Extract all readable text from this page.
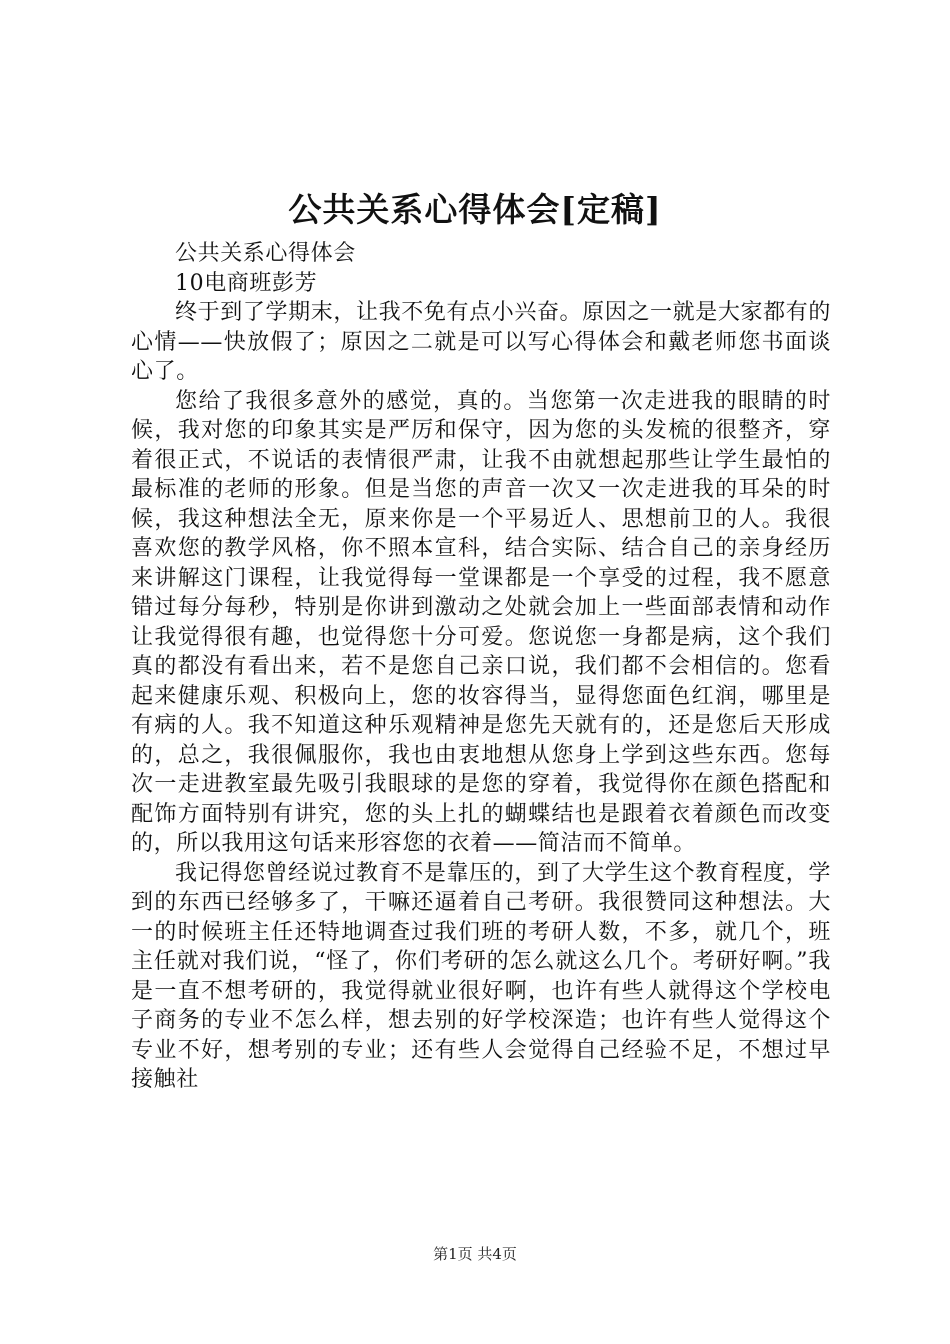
公共关系心得体会[定稿]

公共关系心得体会

10电商班彭芳

终于到了学期末，让我不免有点小兴奋。原因之一就是大家都有的心情——快放假了；原因之二就是可以写心得体会和戴老师您书面谈心了。

您给了我很多意外的感觉，真的。当您第一次走进我的眼睛的时候，我对您的印象其实是严厉和保守，因为您的头发梳的很整齐，穿着很正式，不说话的表情很严肃，让我不由就想起那些让学生最怕的最标准的老师的形象。但是当您的声音一次又一次走进我的耳朵的时候，我这种想法全无，原来你是一个平易近人、思想前卫的人。我很喜欢您的教学风格，你不照本宣科，结合实际、结合自己的亲身经历来讲解这门课程，让我觉得每一堂课都是一个享受的过程，我不愿意错过每分每秒，特别是你讲到激动之处就会加上一些面部表情和动作让我觉得很有趣，也觉得您十分可爱。您说您一身都是病，这个我们真的都没有看出来，若不是您自己亲口说，我们都不会相信的。您看起来健康乐观、积极向上，您的妆容得当，显得您面色红润，哪里是有病的人。我不知道这种乐观精神是您先天就有的，还是您后天形成的，总之，我很佩服你，我也由衷地想从您身上学到这些东西。您每次一走进教室最先吸引我眼球的是您的穿着，我觉得你在颜色搭配和配饰方面特别有讲究，您的头上扎的蝴蝶结也是跟着衣着颜色而改变的，所以我用这句话来形容您的衣着——简洁而不简单。

我记得您曾经说过教育不是靠压的，到了大学生这个教育程度，学到的东西已经够多了，干嘛还逼着自己考研。我很赞同这种想法。大一的时候班主任还特地调查过我们班的考研人数，不多，就几个，班主任就对我们说，“怪了，你们考研的怎么就这么几个。考研好啊。”我是一直不想考研的，我觉得就业很好啊，也许有些人就得这个学校电子商务的专业不怎么样，想去别的好学校深造；也许有些人觉得这个专业不好，想考别的专业；还有些人会觉得自己经验不足，不想过早接触社

第1页 共4页
